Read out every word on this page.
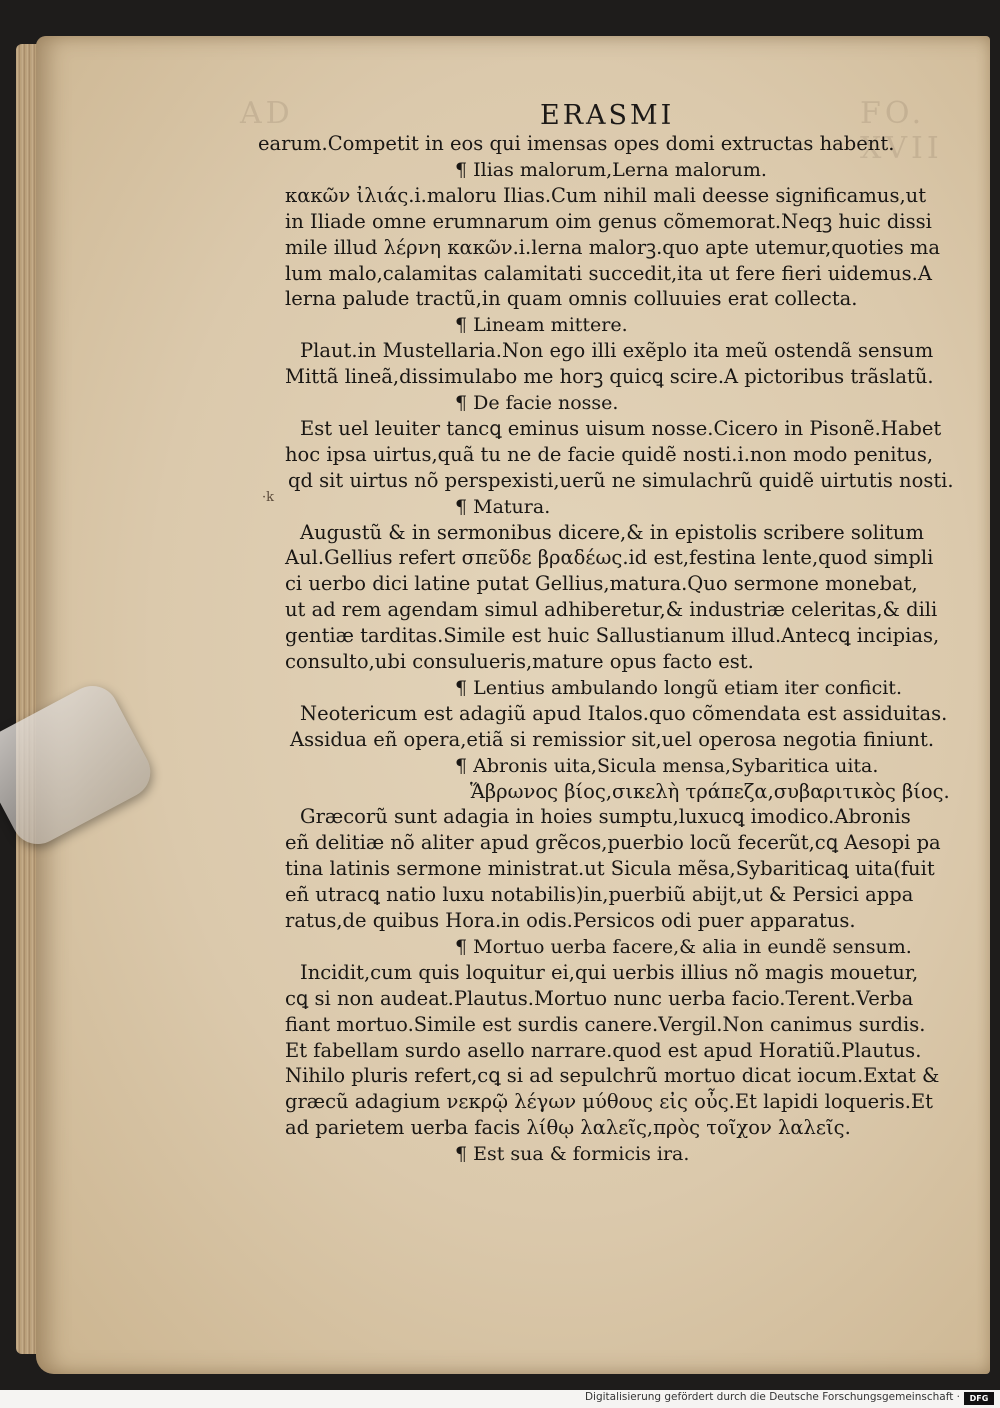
AD	FO. XVII
ERASMI
·k
earum.Competit in eos qui imensas opes domi extructas habent.
¶ Ilias malorum,Lerna malorum.
κακῶν ἰλιάς.i.maloru Ilias.Cum nihil mali deesse significamus,ut
in Iliade omne erumnarum oim genus cõmemorat.Neqꝫ huic dissi
mile illud λέρνη κακῶν.i.lerna malorꝫ.quo apte utemur,quoties ma
lum malo,calamitas calamitati succedit,ita ut fere fieri uidemus.A
lerna palude tractũ,in quam omnis colluuies erat collecta.
¶ Lineam mittere.
Plaut.in Mustellaria.Non ego illi exẽplo ita meũ ostendã sensum
Mittã lineã,dissimulabo me horꝫ quicꝗ scire.A pictoribus trãslatũ.
¶ De facie nosse.
Est uel leuiter tancꝗ eminus uisum nosse.Cicero in Pisonẽ.Habet
hoc ipsa uirtus,quã tu ne de facie quidẽ nosti.i.non modo penitus,
qd sit uirtus nõ perspexisti,uerũ ne simulachrũ quidẽ uirtutis nosti.
¶ Matura.
Augustũ & in sermonibus dicere,& in epistolis scribere solitum
Aul.Gellius refert σπεῦδε βραδέως.id est,festina lente,quod simpli
ci uerbo dici latine putat Gellius,matura.Quo sermone monebat,
ut ad rem agendam simul adhiberetur,& industriæ celeritas,& dili
gentiæ tarditas.Simile est huic Sallustianum illud.Antecꝗ incipias,
consulto,ubi consulueris,mature opus facto est.
¶ Lentius ambulando longũ etiam iter conficit.
Neotericum est adagiũ apud Italos.quo cõmendata est assiduitas.
Assidua eñ opera,etiã si remissior sit,uel operosa negotia finiunt.
¶ Abronis uita,Sicula mensa,Sybaritica uita.
Ἅβρωνος βίος,σικελὴ τράπεζα,συβαριτικὸς βίος.
Græcorũ sunt adagia in hoies sumptu,luxucꝗ imodico.Abronis
eñ delitiæ nõ aliter apud grẽcos,puerbio locũ fecerũt,cꝗ Aesopi pa
tina latinis sermone ministrat.ut Sicula mẽsa,Sybariticaꝗ uita(fuit
eñ utracꝗ natio luxu notabilis)in,puerbiũ abijt,ut & Persici appa
ratus,de quibus Hora.in odis.Persicos odi puer apparatus.
¶ Mortuo uerba facere,& alia in eundẽ sensum.
Incidit,cum quis loquitur ei,qui uerbis illius nõ magis mouetur,
cꝗ si non audeat.Plautus.Mortuo nunc uerba facio.Terent.Verba
fiant mortuo.Simile est surdis canere.Vergil.Non canimus surdis.
Et fabellam surdo asello narrare.quod est apud Horatiũ.Plautus.
Nihilo pluris refert,cꝗ si ad sepulchrũ mortuo dicat iocum.Extat &
græcũ adagium νεκρῷ λέγων μύθους εἰς οὖς.Et lapidi loqueris.Et
ad parietem uerba facis λίθῳ λαλεῖς,πρὸς τοῖχον λαλεῖς.
¶ Est sua & formicis ira.
Digitalisierung gefördert durch die Deutsche Forschungsgemeinschaft ·	DFG
